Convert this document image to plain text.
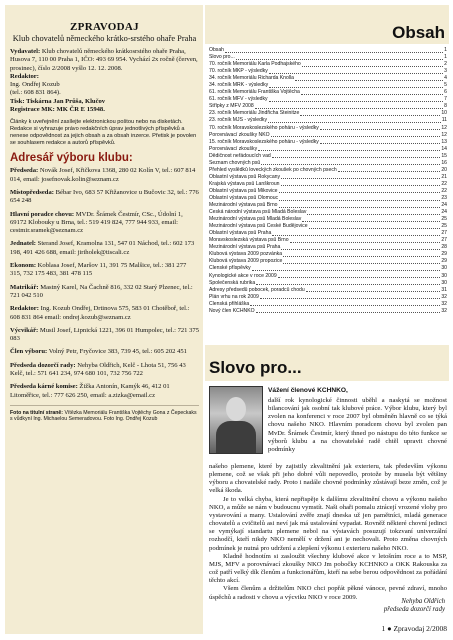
ZPRAVODAJ
Klub chovatelů německého krátko-srstého ohaře Praha
Vydavatel: Klub chovatelů německého krátkosrstého ohaře Praha, Husova 7, 110 00 Praha 1, IČO: 493 69 954. Vychází 2x ročně (červen, prosinec), číslo 2/2008 vyšlo 12. 12. 2008.
Redaktor:
Ing. Ondřej Kozub
(tel.: 608 831 864).
Tisk: Tiskárna Jan Průša, Klučov
Registrace MK: MK ČR E 15948.
Články k uveřejnění zasílejte elektronickou poštou nebo na disketách. Redakce si vyhrazuje právo redakčních úprav jednotlivých příspěvků a nenese odpovědnost za jejich obsah a za obsah inzerce. Přetisk je povolen se souhlasem redakce a autorů příspěvků.
Adresář výboru klubu:
Předseda: Novák Josef, Křičkova 1368, 280 02 Kolín V, tel.: 607 814 014, email: josefnovak.kolin@seznam.cz
Místopředseda: Bébar Ivo, 683 57 Křižanovice u Bučovic 32, tel.: 776 654 248
Hlavní poradce chovu: MVDr. Šrámek Čestmír, CSc., Údolní 1, 69172 Klobouky u Brna, tel.: 519 419 824, 777 944 933, email: cestmir.sramek@seznam.cz
Jednatel: Sterand Josef, Kramolna 131, 547 01 Náchod, tel.: 602 173 198, 491 426 688, email: jiriholek@tiscali.cz
Ekonom: Koblasa Josef, Maršov 11, 391 75 Malšice, tel.: 381 277 315, 732 175 483, 381 478 115
Matrikář: Mastný Karel, Na Čachně 816, 332 02 Starý Plzenec, tel.: 721 042 510
Redaktor: Ing. Kozub Ondřej, Drtinova 575, 583 01 Chotěboř, tel.: 608 831 864 email: ondrej.kozub@seznam.cz
Výcvikář: Musil Josef, Lipnická 1221, 396 01 Humpolec, tel.: 721 375 083
Člen výboru: Volný Petr, Fryčovice 383, 739 45, tel.: 605 202 451
Předseda dozorčí rady: Nehyba Oldřich, Kelč - Lhota 51, 756 43 Kelč, tel.: 571 641 234, 974 680 101, 732 756 722
Předseda kárné komise: Žižka Antonín, Kamýk 46, 412 01 Litoměřice, tel.: 777 626 250, email: a.zizka@email.cz
Foto na titulní straně: Vítězka Memoriálu Františka Vojtěchy Gona z Čepeckaks s vůdkyní Ing. Michaelou Semeradovou. Foto Ing. Ondřej Kozub
Obsah
Obsah	1
Slovo pro...	1
70. ročník Memoriálu Karla Podhajského	2
70. ročník MKP - výsledky	3
34. ročník Memoriálu Richarda Knolla	4
34. ročník MRK - výsledky	5
61. ročník Memoriálu Františka Vojtěcha	6
61. ročník MFV - výsledky	7
Střípky z MFV 2008	8
23. ročník Memoriálu Jindřicha Steinitze	10
23. ročník MJS - výsledky	11
70. ročník Moravskoslezského poháru - výsledky	12
Porovnávací zkoušky NKO	12
15. ročník Moravskoslezského poháru - výsledky	13
Porovnávací zkoušky	14
Dědičnost neřádoucích vad	15
Seznam chovných psů	16
Přehled vyslědků loveckých zkoušek po chovných psech	20
Oblastní výstava psů Rokycany	21
Krajská výstava psů Lanškroun	22
Oblastní výstava psů Mikovice	22
Oblastní výstava psů Olomouc	23
Mezinárodní výstava psů Brno	24
Česká národní výstava psů Mladá Boleslav	24
Mezinárodní výstava psů Mladá Boleslav	25
Mezinárodní výstava psů České Budějovice	25
Oblastní výstava psů Praha	27
Moravskoslezská výstava psů Brno	27
Mezinárodní výstava psů Praha	28
Klubová výstava 2009 pozvánka	29
Klubová výstava 2009 propozice	29
Členské příspěvky	30
Kynologické akce v roce 2009	30
Společenská rubrika	30
Adresy předsedů pobocek, poradců chodu	31
Plán vrhu na rok 2009	32
Členská přihláška	32
Nový člen KCHNKO	32
Slovo pro...
Vážení členové KCHNKO,
další rok kynologické činnosti uběhl a naskytá se možnost bilancování jak osobní tak klubové práce. Výbor klubu, který byl zvolen na konferenci v roce 2007 byl obměněn hlavně co se týká chovu našeho NKO. Hlavním poradcem chovu byl zvolen pan MvDr. Šrámek Čestmír, který ihned po nástupu do této funkce se výborů klubu a na chovatelské radě chtěl upravit chovné podmínky

našeho plemene, které by zajistily zkvalitnění jak exterieru, tak především výkonu plemene, což se však při jeho dobré vůli nepovedlo, protože by musela být většiny výboru a chovatelské rady. Proto i nadále chovné podmínky zůstávají beze změn, což je velká škoda.

Je to velká chyba, která nepřispěje k dalšímu zkvalitnění chovu a výkonu našeho NKO, a může se nám v budoucnu vymstít. Naši ohaři pomalu ztrácejí vrozené vlohy pro vystavování a many. Ustalování zvěře znají dneska už jen pamětníci, mladá generace chovatelů a cvičitelů asi neví jak má ustalování vypadat. Rovněž některé chovní jedinci se vymýkají standartu plemene nebol na výstavách posuzují tokzvaní univerzální rozhodčí, kteří nikdy NKO nemělí v držení ani je nechovali. Proto změna chovných podmínek je nutná pro udržení a zlepšení výkonu i exterieru našeho NKO.

Kladně hodnotím si zasloužit všechny klubové akce v letošním roce a to MSP, MJS, MFV a porovnávací zkoušky NKO Jm pobočky KCHNKO a OKK Rakouska za což patří velký dík členům a funkcionářům, kteří na sebe berou odpovědnost za pořádání těchto akcí.

Všem členům a držitelům NKO chci popřát pěkné vánoce, pevné zdraví, mnoho úspěchů a radosti v chovu a výcviku NKO v roce 2009.

Nehyba Oldřich
předseda dozorčí rady
1 ● Zpravodaj 2/2008
